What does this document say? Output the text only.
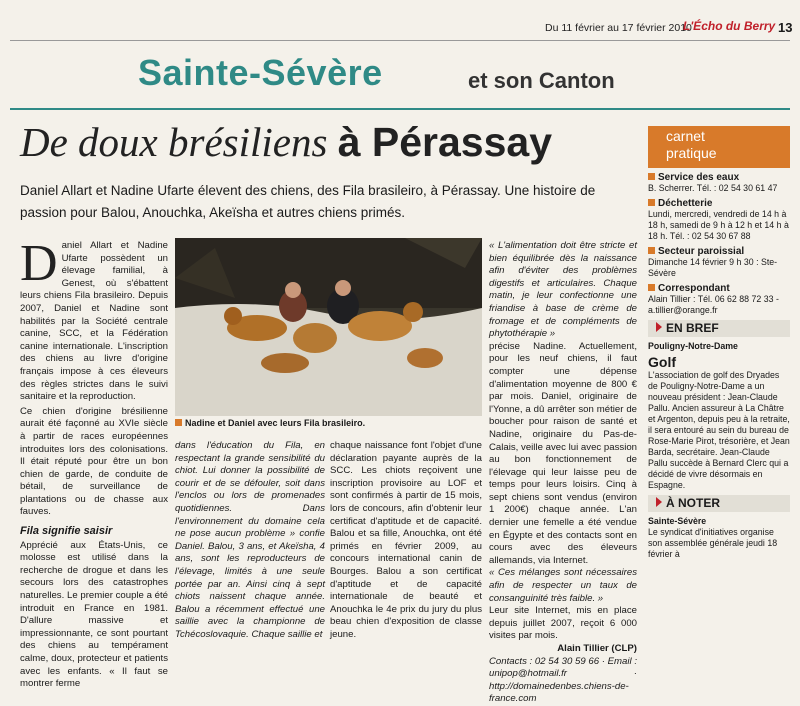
Du 11 février au 17 février 2010
L'Écho du Berry 13
Sainte-Sévère	et son Canton
De doux brésiliens à Pérassay
Daniel Allart et Nadine Ufarte élevent des chiens, des Fila brasileiro, à Pérassay. Une histoire de passion pour Balou, Anouchka, Akeïsha et autres chiens primés.
D aniel Allart et Nadine Ufarte possèdent un élevage familial, à Genest, où s'ébattent leurs chiens Fila brasileiro. Depuis 2007, Daniel et Nadine sont habilités par la Société centrale canine, SCC, et la Fédération canine internationale. L'inscription des chiens au livre d'origine français impose à ces éleveurs des règles strictes dans le suivi sanitaire et la reproduction.

Ce chien d'origine brésilienne aurait été façonné au XVIe siècle à partir de races européennes introduites lors des colonisations. Il était réputé pour être un bon chien de garde, de conduite de bétail, de surveillance de plantations ou de chasse aux fauves.

Fila signifie saisir
Apprécié aux États-Unis, ce molosse est utilisé dans la recherche de drogue et dans les secours lors des catastrophes naturelles. Le premier couple a été introduit en France en 1981. D'allure massive et impressionnante, ce sont pourtant des chiens au tempérament calme, doux, protecteur et patients avec les enfants. « Il faut se montrer ferme
Nadine et Daniel avec leurs Fila brasileiro.
dans l'éducation du Fila, en respectant la grande sensibilité du chiot. Lui donner la possibilité de courir et de se défouler, soit dans l'enclos ou lors de promenades quotidiennes. Dans l'environnement du domaine cela ne pose aucun problème » confie Daniel. Balou, 3 ans, et Akeïsha, 4 ans, sont les reproducteurs de l'élevage, limités à une seule portée par an. Ainsi cinq à sept chiots naissent chaque année. Balou a récemment effectué une saillie avec la championne de Tchécoslovaquie. Chaque saillie et
chaque naissance font l'objet d'une déclaration payante auprès de la SCC. Les chiots reçoivent une inscription provisoire au LOF et sont confirmés à partir de 15 mois, lors de concours, afin d'obtenir leur certificat d'aptitude et de capacité. Balou et sa fille, Anouchka, ont été primés en février 2009, au concours international canin de Bourges. Balou a son certificat d'aptitude et de capacité internationale de beauté et Anouchka le 4e prix du jury du plus beau chien d'exposition de classe jeune.
« L'alimentation doit être stricte et bien équilibrée dès la naissance afin d'éviter des problèmes digestifs et articulaires. Chaque matin, je leur confectionne une friandise à base de crème de fromage et de compléments de phytothérapie »
précise Nadine. Actuellement, pour les neuf chiens, il faut compter une dépense d'alimentation moyenne de 800 € par mois. Daniel, originaire de l'Yonne, a dû arrêter son métier de boucher pour raison de santé et Nadine, originaire du Pas-de-Calais, veille avec lui avec passion au bon fonctionnement de l'élevage qui leur laisse peu de temps pour leurs loisirs. Cinq à sept chiens sont vendus (environ 1 200€) chaque année. L'an dernier une femelle a été vendue en Égypte et des contacts sont en cours avec des éleveurs allemands, via Internet.
« Ces mélanges sont nécessaires afin de respecter un taux de consanguinité très faible. »
Leur site Internet, mis en place depuis juillet 2007, reçoit 6 000 visites par mois.
Alain Tillier (CLP)
Contacts : 02 54 30 59 66 · Email : unipop@hotmail.fr · http://domainedenbes.chiens-de-france.com
carnet
pratique
Service des eaux
B. Scherrer. Tél. : 02 54 30 61 47
Déchetterie
Lundi, mercredi, vendredi de 14 h à 18 h, samedi de 9 h à 12 h et 14 h à 18 h. Tél. : 02 54 30 67 88
Secteur paroissial
Dimanche 14 février 9 h 30 : Ste-Sévère
Correspondant
Alain Tillier : Tél. 06 62 88 72 33 - a.tillier@orange.fr
EN BREF
Pouligny-Notre-Dame
Golf
L'association de golf des Dryades de Pouligny-Notre-Dame a un nouveau président : Jean-Claude Pallu. Ancien assureur à La Châtre et Argenton, depuis peu à la retraite, il sera entouré au sein du bureau de Rose-Marie Pirot, trésorière, et Jean Barda, secrétaire. Jean-Claude Pallu succède à Bernard Clerc qui a décidé de vivre désormais en Espagne.
À NOTER
Sainte-Sévère
Le syndicat d'initiatives organise son assemblée générale jeudi 18 février à
